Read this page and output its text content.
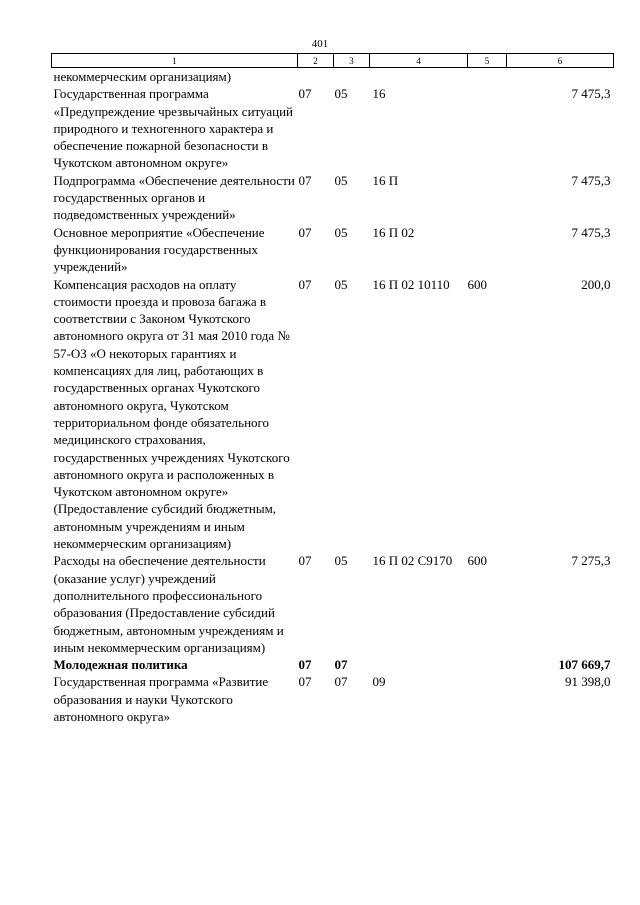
401
1	2	3	4	5	6
некоммерческим организациям)					
Государственная программа «Предупреждение чрезвычайных ситуаций природного и техногенного характера и обеспечение пожарной безопасности в Чукотском автономном округе»	07	05	16		7 475,3
Подпрограмма «Обеспечение деятельности государственных органов и подведомственных учреждений»	07	05	16 П		7 475,3
Основное мероприятие «Обеспечение функционирования государственных учреждений»	07	05	16 П 02		7 475,3
Компенсация расходов на оплату стоимости проезда и провоза багажа в соответствии с Законом Чукотского автономного округа от 31 мая 2010 года № 57-ОЗ «О некоторых гарантиях и компенсациях для лиц, работающих в государственных органах Чукотского автономного округа, Чукотском территориальном фонде обязательного медицинского страхования, государственных учреждениях Чукотского автономного округа и расположенных в Чукотском автономном округе» (Предоставление субсидий бюджетным, автономным учреждениям и иным некоммерческим организациям)	07	05	16 П 02 10110	600	200,0
Расходы на обеспечение деятельности (оказание услуг) учреждений дополнительного профессионального образования (Предоставление субсидий бюджетным, автономным учреждениям и иным некоммерческим организациям)	07	05	16 П 02 С9170	600	7 275,3
Молодежная политика	07	07			107 669,7
Государственная программа «Развитие образования и науки Чукотского автономного округа»	07	07	09		91 398,0
